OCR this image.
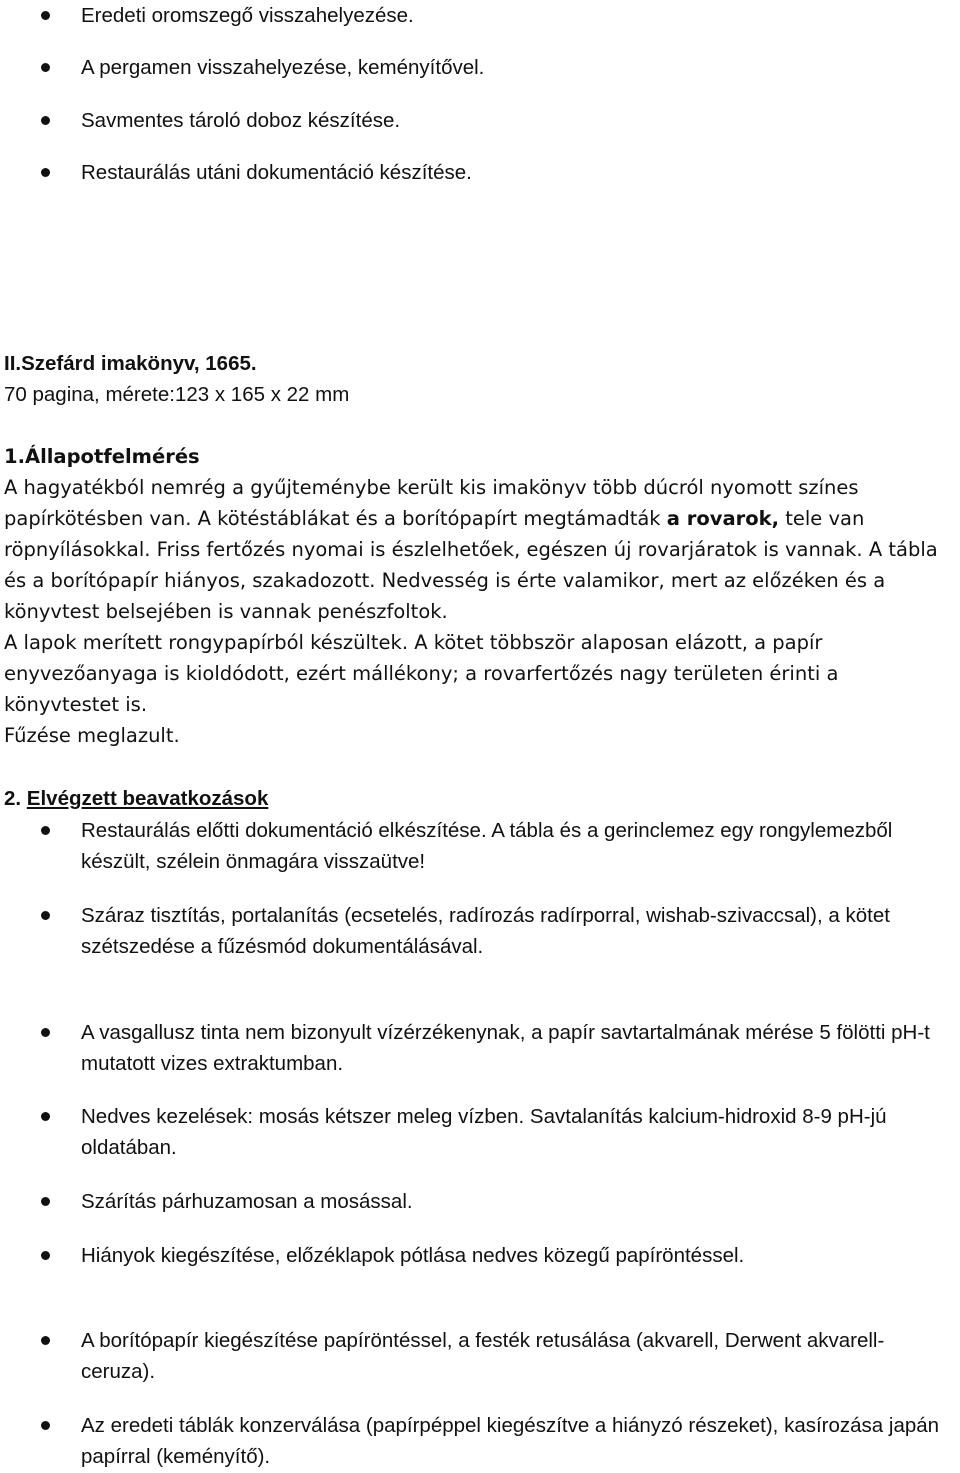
Eredeti oromszegő visszahelyezése.
A pergamen visszahelyezése, keményítővel.
Savmentes tároló doboz készítése.
Restaurálás utáni dokumentáció készítése.
II.Szefárd imakönyv, 1665.
70 pagina, mérete:123 x 165 x 22 mm
1.Állapotfelmérés
A hagyatékból nemrég a gyűjteménybe került kis imakönyv több dúcról nyomott színes papírkötésben van. A kötéstáblákat és a borítópapírt megtámadták a rovarok, tele van röpnyílásokkal. Friss fertőzés nyomai is észlelhetőek, egészen új rovarjáratok is vannak. A tábla és a borítópapír hiányos, szakadozott. Nedvesség is érte valamikor, mert az előzéken és a könyvtest belsejében is vannak penészfoltok.
A lapok merített rongypapírból készültek. A kötet többször alaposan elázott, a papír enyvezőanyaga is kioldódott, ezért mállékony; a rovarfertőzés nagy területen érinti a könyvtestet is.
Fűzése meglazult.
2. Elvégzett beavatkozások
Restaurálás előtti dokumentáció elkészítése. A tábla és a gerinclemez egy rongylemezből készült, szélein önmagára visszaütve!
Száraz tisztítás, portalanítás (ecsetelés, radírozás radírporral, wishab-szivaccsal), a kötet szétszedése a fűzésmód dokumentálásával.
A vasgallusz tinta nem bizonyult vízérzékenynak, a papír savtartalmának mérése 5 fölötti pH-t mutatott vizes extraktumban.
Nedves kezelések: mosás kétszer meleg vízben. Savtalanítás kalcium-hidroxid 8-9 pH-jú oldatában.
Szárítás párhuzamosan a mosással.
Hiányok kiegészítése, előzéklapok pótlása nedves közegű papíröntéssel.
A borítópapír kiegészítése papíröntéssel, a festék retusálása (akvarell, Derwent akvarell-ceruza).
Az eredeti táblák konzerválása (papírpéppel kiegészítve a hiányzó részeket), kasírozása japán papírral (keményítő).
